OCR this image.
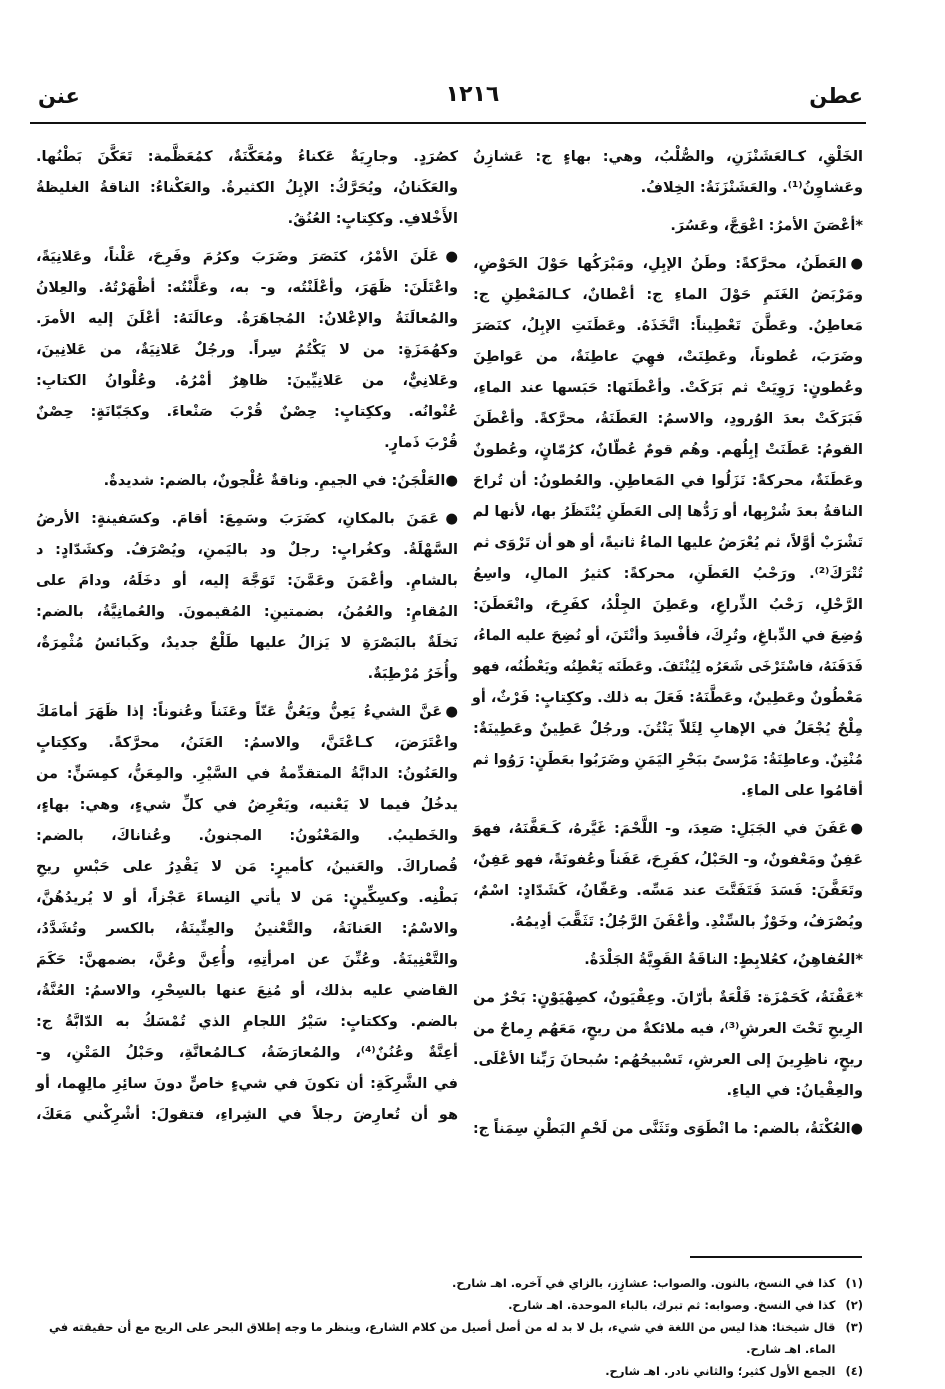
عطن
١٢١٦
عنن
الخَلْقِ، كـالعَشَنْزَنِ، والصُّلْبُ، وهي: بهاءٍ ج: عَشازِنُ
وعَشاوِنُ⁽¹⁾. والعَشَنْزَنَةُ: الخِلافُ.
*أعْصَنَ الأمرُ: اعْوَجَّ، وعَسُرَ.
●العَطَنُ، محرَّكةً: وطَنُ الإبِلِ، ومَبْرَكُها حَوْلَ الحَوْضِ،
ومَرْبَضُ الغَنَمِ حَوْلَ الماءِ ج: أعْطانٌ، كـالمَعْطِنِ ج:
مَعاطِنُ. وعَطَّنَ تَعْطِيناً: اتَّخَذَهُ. وعَطَنَتِ الإبِلُ، كنَصَرَ
وضَرَبَ، عُطوناً، وعَطِنَتْ، فهِيَ عاطِنَةٌ، من عَواطِنَ
وعُطونٍ: رَوِيَتْ ثم بَرَكَتْ. وأعْطَنَها: حَبَسها عند الماءِ،
فَبَرَكَتْ بعدَ الوُرودِ، والاسمُ: العَطَنَةُ، محرَّكةً. وأعْطَنَ
القومُ: عَطَنَتْ إبِلُهم. وهُم قومٌ عُطّانٌ، كرُمّانٍ، وعُطونٌ
وعَطَنَةٌ، محركةً: نَزَلُوا في المَعاطِنِ. والعُطونُ: أن تُراحَ
الناقةُ بعدَ شُرْبِها، أو رَدُّها إلى العَطَنِ يُنْتَظَرُ بها، لأنها لم
تَشْرَبْ أوَّلاً، ثم يُعْرَضُ عليها الماءُ ثانيةً، أو هو أن تَرْوَى ثم
تُتْرَكَ⁽²⁾. ورَحْبُ العَطَنِ، محركةً: كثيرُ المالِ، واسِعُ
الرَّحْلِ، رَحْبُ الذِّراعِ، وعَطِنَ الجِلْدُ، كفَرِحَ، وانْعَطَنَ:
وُضِعَ في الدِّباغِ، وتُرِكَ، فأفْسِدَ وأنْتَنَ، أو نُضِحَ عليه الماءُ،
فَدَفَنَهُ، فاسْتَرْخَى شَعَرُه لِيُنْتَفَ. وعَطَنَه يَعْطِنُه ويَعْطُنُه، فهو
مَعْطُونٌ وعَطِينٌ، وعَطَّنَهُ: فَعَلَ به ذلك. وككِتابٍ: فَرْثٌ، أو
مِلْحٌ يُجْعَلُ في الإهابِ لِئَلاّ يَنْتُنَ. ورجُلٌ عَطِينٌ وعَطِينَةٌ:
مُنْتِنٌ. وعاطِنَةُ: مَرْسىً ببَحْرِ اليَمَنِ وضَرَبُوا بعَطَنٍ: رَوُوا ثم
أقامُوا على الماءِ.
●عَفَنَ في الجَبَلِ: صَعِدَ، و- اللَّحْمَ: غَيَّرهُ، كَـعَفَّنَهُ، فهوَ
عَفِنٌ ومَعْفونٌ، و- الحَبْلُ، كفَرِحَ، عَفَناً وعُفونَةً، فهو عَفِنٌ،
وتَعَفَّنَ: فَسَدَ فَتَفَتَّتَ عند مَسِّه. وعَفّانُ، كَشَدّادٍ: اسْمٌ،
ويُصْرَفُ، وخَوْزٌ بالسِّنْدِ. وأعْفَنَ الرَّجُلُ: تَثَقَّبَ أدِيمُهُ.
*العُفاهِنُ، كعُلابِطٍ: الناقَةُ القَوِيَّةُ الجَلْدَةُ.
*عَقْنَةُ، كَحَمْزَة: قَلْعَةٌ بأرّانَ. وعِقْيَونٌ، كصِهْيَوْنٍ: بَحْرٌ من
الرِيحِ تَحْتَ العرشِ⁽³⁾، فيه ملائكةٌ من ريحٍ، مَعَهُم رِماحٌ من
ريحٍ، ناظِرِينَ إلى العرشِ، تَسْبيحُهُم: سُبحانَ رَبِّنا الأعْلَى.
والعِقْيانُ: في الياءِ.
●العُكْنَةُ، بالضم: ما انْطَوَى وتَثَنَّى من لَحْمِ البَطْنِ سِمَناً ج:
كصُرَدٍ. وجارِيَةٌ عَكناءُ ومُعَكَّنَةٌ، كمُعَظَّمة: تَعَكَّنَ بَطْنُها.
والعَكَنانُ، ويُحَرَّكُ: الإبِلُ الكثيرةُ. والعَكْناءُ: الناقةُ الغليظةُ
الأَخْلافِ. وككِتابٍ: العُنُقُ.
●عَلَنَ الأمْرُ، كنَصَرَ وضَرَبَ وكرُمَ وفَرِحَ، عَلْناً، وعَلانِيَةً،
واعْتَلَنَ: ظَهَرَ، وأعْلَنْتُه، و- به، وعَلَّنْتُه: أظْهَرْتُهُ. والعِلانُ
والمُعالَنَةُ والإعْلانُ: المُجاهَرَةُ. وعالَنَهُ: أعْلَنَ إليه الأمرَ.
وكهُمَزَةٍ: من لا يَكْتُمُ سِراً. ورجُلٌ عَلانِيَةٌ، من عَلانِينَ،
وعَلانِيٌّ، من عَلانِيِّينَ: ظاهِرٌ أمْرُهُ. وعُلْوانُ الكتابِ:
عُنْوانُه. وككِتابٍ: حِصْنٌ قُرْبَ صَنْعاءَ. وكجَبّانَةٍ: حِصْنٌ
قُرْبَ ذَمارٍ.
●العَلْجَنُ: في الجيمِ. وناقةٌ عُلْجونٌ، بالضم: شديدةٌ.
●عَمَنَ بالمكانِ، كضَرَبَ وسَمِعَ: أقامَ. وكسَفينةٍ: الأرضُ
السَّهْلَةُ. وكغُرابٍ: رجلٌ ود باليَمنِ، ويُصْرَفُ. وكشَدّادٍ: د
بالشامِ. وأعْمَنَ وعَمَّنَ: تَوَجَّهَ إليه، أو دخَلَهُ، ودامَ على
المُقامِ: والعُمُنُ، بضمتينِ: المُقيمونَ. والعُمانِيَّةُ، بالضم:
نَخلَةٌ بالبَصْرَةِ لا يَزالُ عليها طَلْعٌ جديدٌ، وكَبائسُ مُثْمِرَةٌ،
وأُخَرُ مُرْطِبَةٌ.
●عَنَّ الشيءُ يَعِنُّ ويَعُنُّ عَنّاً وعَنَناً وعُنوناً: إذا ظَهَرَ أمامَكَ
واعْتَرَضَ، كـاعْتَنَّ، والاسمُ: العَنَنُ، محرَّكةً. وككِتابٍ
والعَنُونُ: الدابَّةُ المتقدِّمةُ في السَّيْرِ. والمِعَنُّ، كمِسَنٍّ: من
يدخُلُ فيما لا يَعْنيه، ويَعْرِضُ في كلِّ شيءٍ، وهي: بهاءٍ،
والخَطيبُ. والمَعْنُونُ: المجنونُ. وعُناناكَ، بالضم:
قُصاراكَ. والعَنينُ، كأميرٍ: مَن لا يَقْدِرُ على حَبْسِ ريحِ
بَطْنِه. وكسِكِّينٍ: مَن لا يأتي النِساءَ عَجْزاً، أو لا يُريدُهُنَّ،
والاسْمُ: العَنانَةُ، والتَّعْنينُ والعِنِّينَةُ، بالكسر وتُشَدَّدُ،
والتَّعْنِينَةُ. وعُنِّنَ عن امرأتِهِ، وأُعِنَّ وعُنَّ، بضمهنَّ: حَكَمَ
القاضي عليه بذلك، أو مُنِعَ عنها بالسِحْرِ، والاسمُ: العُنَّةُ،
بالضم. وككتابٍ: سَيْرُ اللجامِ الذي تُمْسَكُ به الدّابَّةُ ج:
أعِنَّةٌ وعُنُنٌ⁽⁴⁾، والمُعارَضَةُ، كـالمُعانَّةِ، وحَبْلُ المَتْنِ، و-
في الشَّرِكَةِ: أن تكونَ في شيءٍ خاصٍّ دونَ سائِرِ مالِهِما، أو
هو أن تُعارِضَ رجلاً في الشِراءِ، فتقولَ: أشْرِكْني مَعَكَ،
(١)
كذا في النسخ، بالنون. والصواب: عشازِز، بالزاي في آخره. اهـ شارح.
(٢)
كذا في النسخ. وصوابه: ثم تبرك، بالباء الموحدة. اهـ شارح.
(٣)
قال شيخنا: هذا ليس من اللغة في شيء، بل لا بد له من أصل أصيل من كلام الشارع، وينظر ما وجه إطلاق البحر على الريح مع أن حقيقته في الماء. اهـ شارح.
(٤)
الجمع الأول كثير؛ والثاني نادر. اهـ شارح.
